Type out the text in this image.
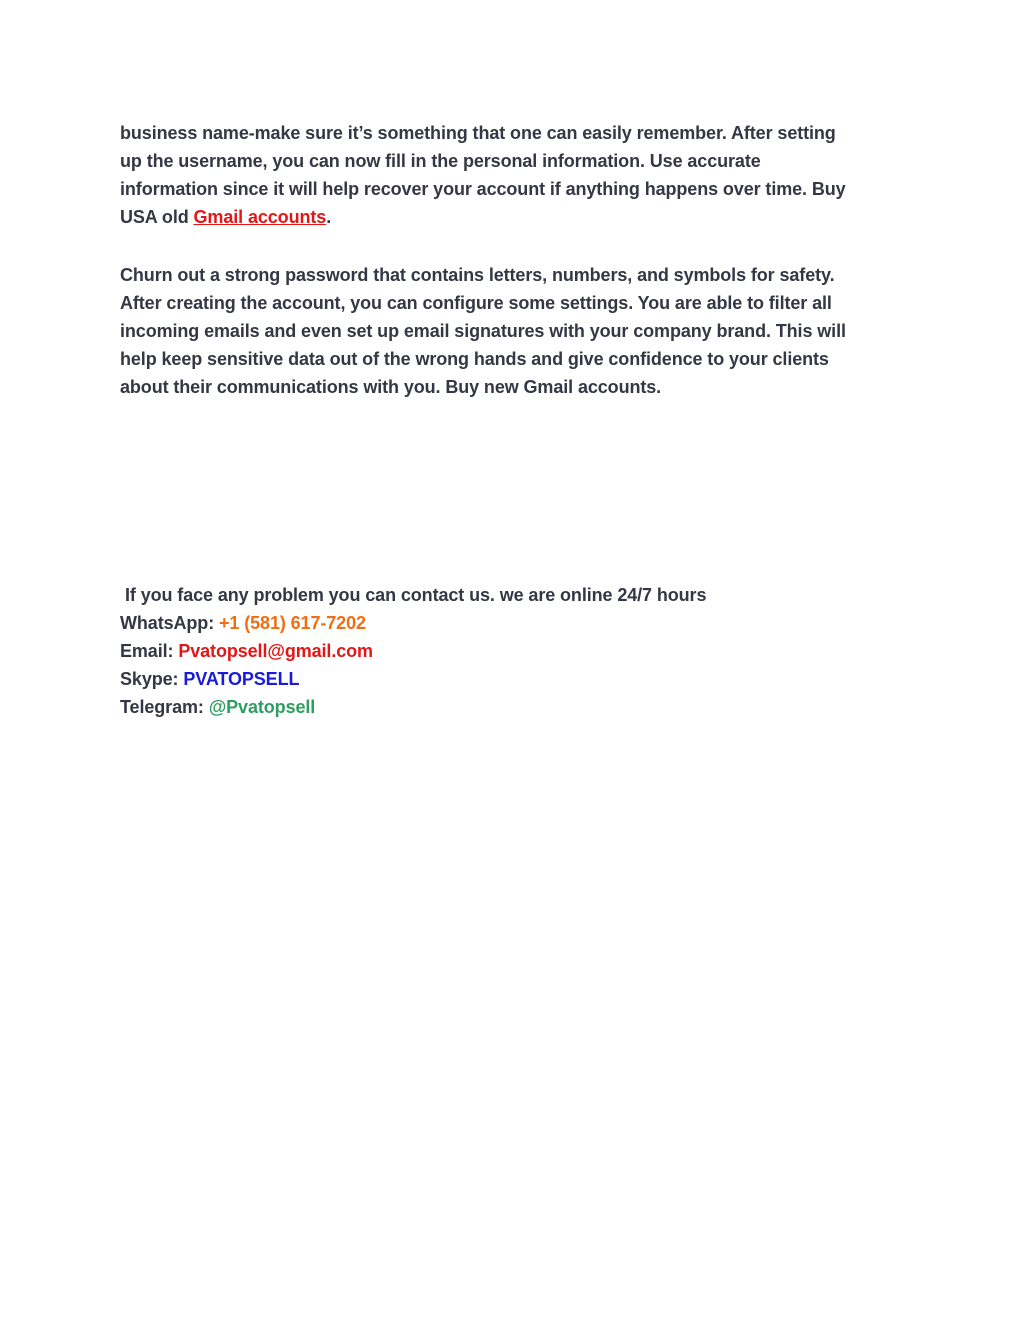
business name-make sure it’s something that one can easily remember. After setting
up the username, you can now fill in the personal information. Use accurate
information since it will help recover your account if anything happens over time. Buy
USA old Gmail accounts.
Churn out a strong password that contains letters, numbers, and symbols for safety.
After creating the account, you can configure some settings. You are able to filter all
incoming emails and even set up email signatures with your company brand. This will
help keep sensitive data out of the wrong hands and give confidence to your clients
about their communications with you. Buy new Gmail accounts.
If you face any problem you can contact us. we are online 24/7 hours
WhatsApp: +1 (581) 617-7202
Email: Pvatopsell@gmail.com
Skype: PVATOPSELL
Telegram: @Pvatopsell
